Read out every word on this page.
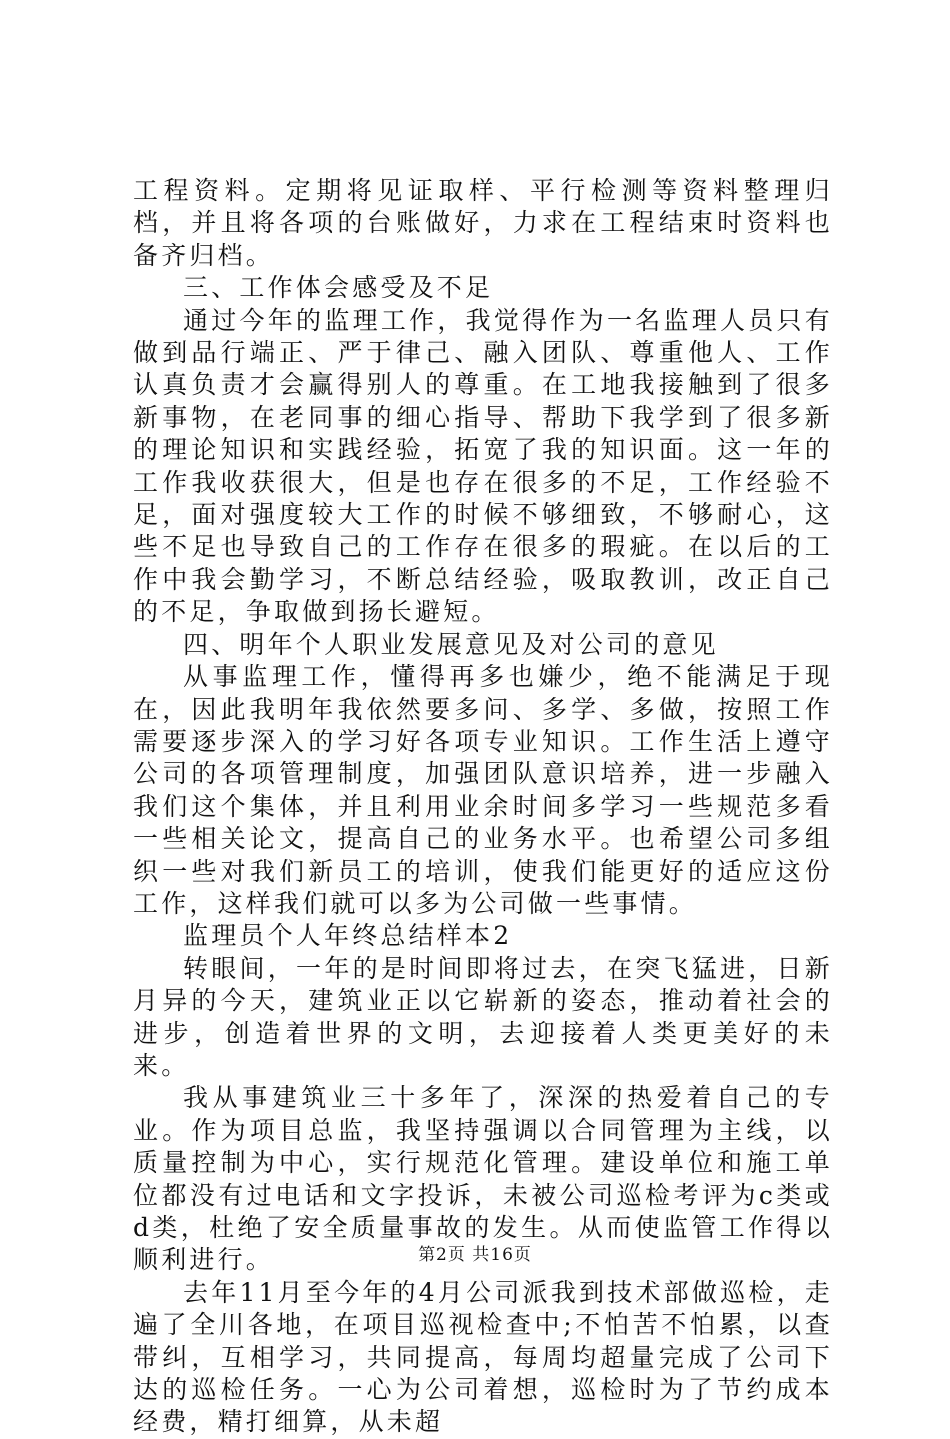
工程资料。定期将见证取样、平行检测等资料整理归档，并且将各项的台账做好，力求在工程结束时资料也备齐归档。

三、工作体会感受及不足

通过今年的监理工作，我觉得作为一名监理人员只有做到品行端正、严于律己、融入团队、尊重他人、工作认真负责才会赢得别人的尊重。在工地我接触到了很多新事物，在老同事的细心指导、帮助下我学到了很多新的理论知识和实践经验，拓宽了我的知识面。这一年的工作我收获很大，但是也存在很多的不足，工作经验不足，面对强度较大工作的时候不够细致，不够耐心，这些不足也导致自己的工作存在很多的瑕疵。在以后的工作中我会勤学习，不断总结经验，吸取教训，改正自己的不足，争取做到扬长避短。

四、明年个人职业发展意见及对公司的意见

从事监理工作，懂得再多也嫌少，绝不能满足于现在，因此我明年我依然要多问、多学、多做，按照工作需要逐步深入的学习好各项专业知识。工作生活上遵守公司的各项管理制度，加强团队意识培养，进一步融入我们这个集体，并且利用业余时间多学习一些规范多看一些相关论文，提高自己的业务水平。也希望公司多组织一些对我们新员工的培训，使我们能更好的适应这份工作，这样我们就可以多为公司做一些事情。

监理员个人年终总结样本2

转眼间，一年的是时间即将过去，在突飞猛进，日新月异的今天，建筑业正以它崭新的姿态，推动着社会的进步，创造着世界的文明，去迎接着人类更美好的未来。

我从事建筑业三十多年了，深深的热爱着自己的专业。作为项目总监，我坚持强调以合同管理为主线，以质量控制为中心，实行规范化管理。建设单位和施工单位都没有过电话和文字投诉，未被公司巡检考评为c类或d类，杜绝了安全质量事故的发生。从而使监管工作得以顺利进行。

去年11月至今年的4月公司派我到技术部做巡检，走遍了全川各地，在项目巡视检查中;不怕苦不怕累，以查带纠，互相学习，共同提高，每周均超量完成了公司下达的巡检任务。一心为公司着想，巡检时为了节约成本经费，精打细算，从未超

第2页 共16页
